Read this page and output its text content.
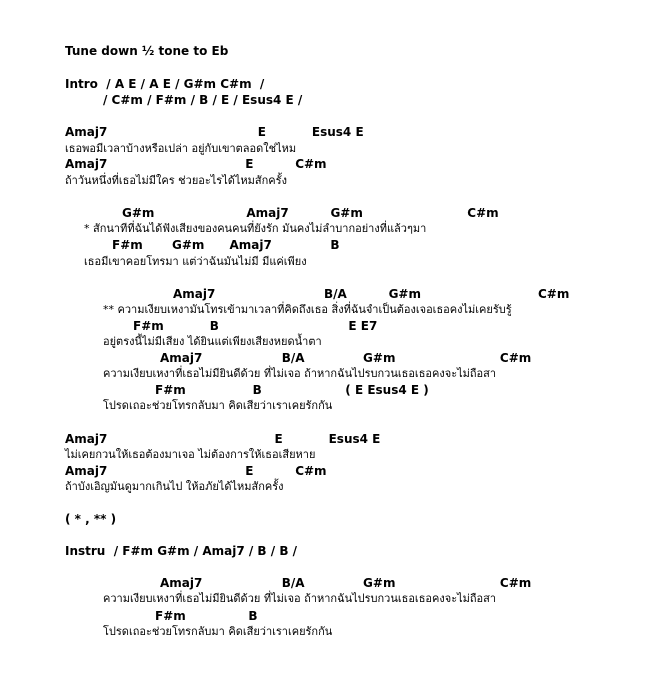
Tune down ½ tone to Eb
Intro  / A E / A E / G#m C#m  /
/ C#m / F#m / B / E / Esus4 E /
Amaj7                                    E           Esus4 E
เธอพอมีเวลาบ้างหรือเปล่า อยู่กับเขาตลอดใช่ไหม
Amaj7                                 E          C#m
ถ้าวันหนึ่งที่เธอไม่มีใคร ช่วยอะไรได้ไหมสักครั้ง
G#m                      Amaj7          G#m                         C#m
* สักนาทีที่ฉันได้ฟังเสียงของคนคนที่ยังรัก มันคงไม่ลำบากอย่างที่แล้วๆมา
F#m       G#m      Amaj7              B
เธอมีเขาคอยโทรมา แต่ว่าฉันมันไม่มี มีแค่เพียง
Amaj7                          B/A          G#m                            C#m
** ความเงียบเหงามันโทรเข้ามาเวลาที่คิดถึงเธอ สิ่งที่ฉันจำเป็นต้องเจอเธอคงไม่เคยรับรู้
F#m           B                               E E7
อยู่ตรงนี้ไม่มีเสียง ได้ยินแต่เพียงเสียงหยดน้ำตา
Amaj7                   B/A              G#m                         C#m
ความเงียบเหงาที่เธอไม่มียินดีด้วย ที่ไม่เจอ ถ้าหากฉันไปรบกวนเธอเธอคงจะไม่ถือสา
F#m                B                    ( E Esus4 E )
โปรดเถอะช่วยโทรกลับมา คิดเสียว่าเราเคยรักกัน
Amaj7                                        E           Esus4 E
ไม่เคยกวนให้เธอต้องมาเจอ ไม่ต้องการให้เธอเสียหาย
Amaj7                                 E          C#m
ถ้าบังเอิญมันดูมากเกินไป ให้อภัยได้ไหมสักครั้ง
( * , ** )
Instru  / F#m G#m / Amaj7 / B / B /
Amaj7                   B/A              G#m                         C#m
ความเงียบเหงาที่เธอไม่มียินดีด้วย ที่ไม่เจอ ถ้าหากฉันไปรบกวนเธอเธอคงจะไม่ถือสา
F#m               B
โปรดเถอะช่วยโทรกลับมา คิดเสียว่าเราเคยรักกัน
